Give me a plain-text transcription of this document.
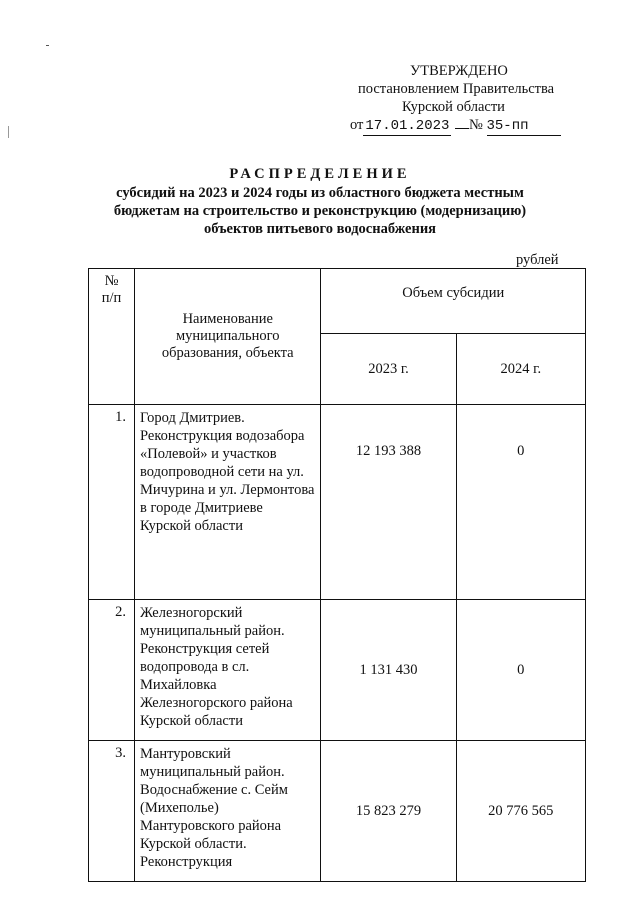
УТВЕРЖДЕНО
постановлением Правительства
Курской области
от 17.01.2023 № 35-пп
РАСПРЕДЕЛЕНИЕ
субсидий на 2023 и 2024 годы из областного бюджета местным
бюджетам на строительство и реконструкцию (модернизацию)
объектов питьевого водоснабжения
рублей
№
п/п	Наименование муниципального образования, объекта	Объем субсидии	
		2023 г.	2024 г.
1.	Город Дмитриев. Реконструкция водозабора «Полевой» и участков водопроводной сети на ул. Мичурина и ул. Лермонтова в городе Дмитриеве Курской области	12 193 388	0
2.	Железногорский муниципальный район. Реконструкция сетей водопровода в сл. Михайловка Железногорского района Курской области	1 131 430	0
3.	Мантуровский муниципальный район. Водоснабжение с. Сейм (Михеполье) Мантуровского района Курской области. Реконструкция	15 823 279	20 776 565
